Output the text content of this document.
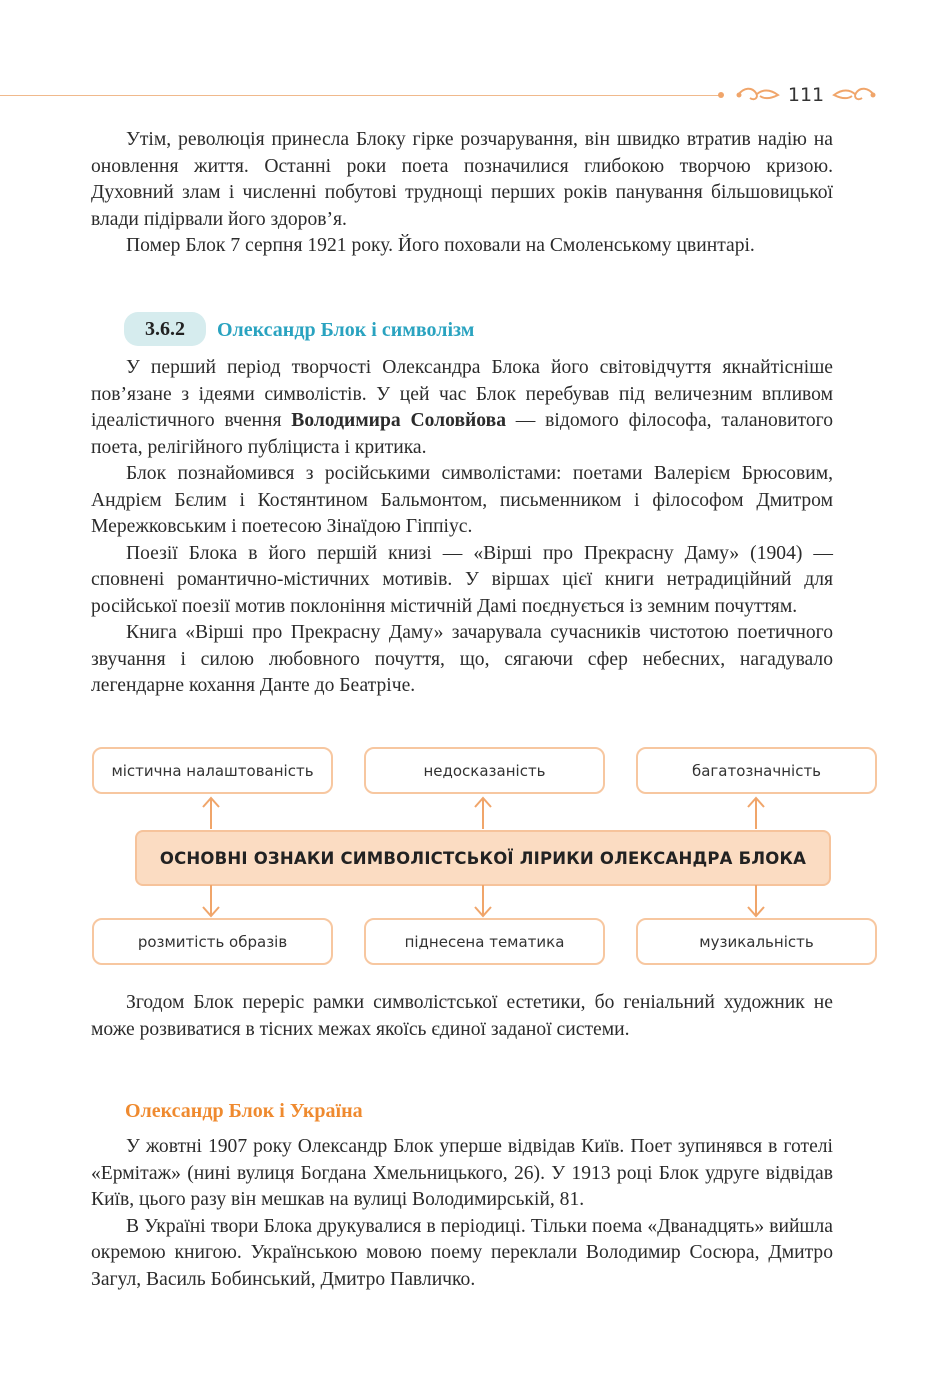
111

Утім, революція принесла Блоку гірке розчарування, він швидко втратив надію на оновлення життя. Останні роки поета позначилися глибокою творчою кризою. Духовний злам і численні побутові труднощі перших років панування більшовицької влади підірвали його здоров’я.

Помер Блок 7 серпня 1921 року. Його поховали на Смоленському цвинтарі.

3.6.2	Олександр Блок і символізм

У перший період творчості Олександра Блока його світовідчуття якнайтісніше пов’язане з ідеями символістів. У цей час Блок перебував під величезним впливом ідеалістичного вчення Володимира Соловйова — відомого філософа, талановитого поета, релігійного публіциста і критика.

Блок познайомився з російськими символістами: поетами Валерієм Брюсовим, Андрієм Бєлим і Костянтином Бальмонтом, письменником і філософом Дмитром Мережковським і поетесою Зінаїдою Гіппіус.

Поезії Блока в його першій книзі — «Вірші про Прекрасну Даму» (1904) — сповнені романтично-містичних мотивів. У віршах цієї книги нетрадиційний для російської поезії мотив поклоніння містичній Дамі поєднується із земним почуттям.

Книга «Вірші про Прекрасну Даму» зачарувала сучасників чистотою поетичного звучання і силою любовного почуття, що, сягаючи сфер небесних, нагадувало легендарне кохання Данте до Беатріче.

містична налаштованість	недосказаність	багатозначність
ОСНОВНІ ОЗНАКИ СИМВОЛІСТСЬКОЇ ЛІРИКИ ОЛЕКСАНДРА БЛОКА
розмитість образів	піднесена тематика	музикальність

Згодом Блок переріс рамки символістської естетики, бо геніальний художник не може розвиватися в тісних межах якоїсь єдиної заданої системи.

Олександр Блок і Україна

У жовтні 1907 року Олександр Блок уперше відвідав Київ. Поет зупинявся в готелі «Ермітаж» (нині вулиця Богдана Хмельницького, 26). У 1913 році Блок удруге відвідав Київ, цього разу він мешкав на вулиці Володимирській, 81.

В Україні твори Блока друкувалися в періодиці. Тільки поема «Дванадцять» вийшла окремою книгою. Українською мовою поему переклали Володимир Сосюра, Дмитро Загул, Василь Бобинський, Дмитро Павличко.
